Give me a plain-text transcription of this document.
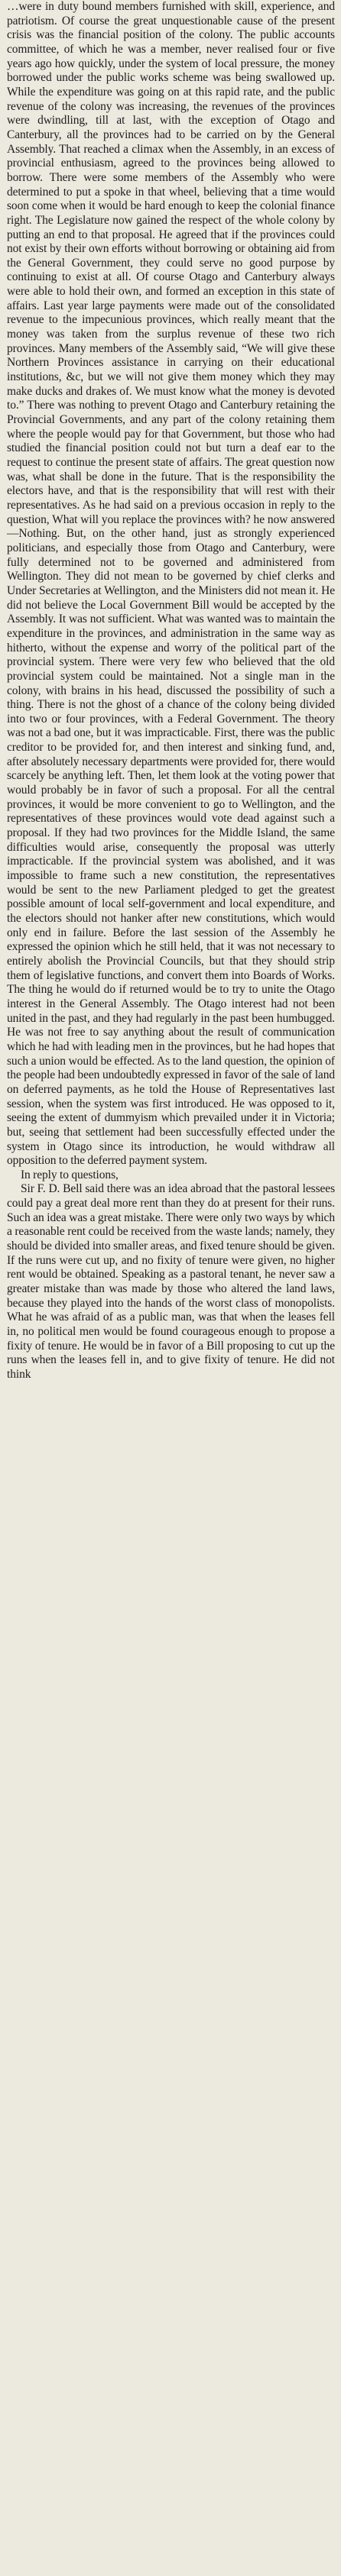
…were in duty bound members furnished with skill, experience, and patriotism. Of course the great unquestionable cause of the present crisis was the financial position of the colony. The public accounts committee, of which he was a member, never realised four or five years ago how quickly, under the system of local pressure, the money borrowed under the public works scheme was being swallowed up. While the expenditure was going on at this rapid rate, and the public revenue of the colony was increasing, the revenues of the provinces were dwindling, till at last, with the exception of Otago and Canterbury, all the provinces had to be carried on by the General Assembly. That reached a climax when the Assembly, in an excess of provincial enthusiasm, agreed to the provinces being allowed to borrow. There were some members of the Assembly who were determined to put a spoke in that wheel, believing that a time would soon come when it would be hard enough to keep the colonial finance right. The Legislature now gained the respect of the whole colony by putting an end to that proposal. He agreed that if the provinces could not exist by their own efforts without borrowing or obtaining aid from the General Government, they could serve no good purpose by continuing to exist at all. Of course Otago and Canterbury always were able to hold their own, and formed an exception in this state of affairs. Last year large payments were made out of the consolidated revenue to the impecunious provinces, which really meant that the money was taken from the surplus revenue of these two rich provinces. Many members of the Assembly said, “We will give these Northern Provinces assistance in carrying on their educational institutions, &c, but we will not give them money which they may make ducks and drakes of. We must know what the money is devoted to.” There was nothing to prevent Otago and Canterbury retaining the Provincial Governments, and any part of the colony retaining them where the people would pay for that Government, but those who had studied the financial position could not but turn a deaf ear to the request to continue the present state of affairs. The great question now was, what shall be done in the future. That is the responsibility the electors have, and that is the responsibility that will rest with their representatives. As he had said on a previous occasion in reply to the question, What will you replace the provinces with? he now answered—Nothing. But, on the other hand, just as strongly experienced politicians, and especially those from Otago and Canterbury, were fully determined not to be governed and administered from Wellington. They did not mean to be governed by chief clerks and Under Secretaries at Wellington, and the Ministers did not mean it. He did not believe the Local Government Bill would be accepted by the Assembly. It was not sufficient. What was wanted was to maintain the expenditure in the provinces, and administration in the same way as hitherto, without the expense and worry of the political part of the provincial system. There were very few who believed that the old provincial system could be maintained. Not a single man in the colony, with brains in his head, discussed the possibility of such a thing. There is not the ghost of a chance of the colony being divided into two or four provinces, with a Federal Government. The theory was not a bad one, but it was impracticable. First, there was the public creditor to be provided for, and then interest and sinking fund, and, after absolutely necessary departments were provided for, there would scarcely be anything left. Then, let them look at the voting power that would probably be in favor of such a proposal. For all the central provinces, it would be more convenient to go to Wellington, and the representatives of these provinces would vote dead against such a proposal. If they had two provinces for the Middle Island, the same difficulties would arise, consequently the proposal was utterly impracticable. If the provincial system was abolished, and it was impossible to frame such a new constitution, the representatives would be sent to the new Parliament pledged to get the greatest possible amount of local self-government and local expenditure, and the electors should not hanker after new constitutions, which would only end in failure. Before the last session of the Assembly he expressed the opinion which he still held, that it was not necessary to entirely abolish the Provincial Councils, but that they should strip them of legislative functions, and convert them into Boards of Works. The thing he would do if returned would be to try to unite the Otago interest in the General Assembly. The Otago interest had not been united in the past, and they had regularly in the past been humbugged. He was not free to say anything about the result of communication which he had with leading men in the provinces, but he had hopes that such a union would be effected. As to the land question, the opinion of the people had been undoubtedly expressed in favor of the sale of land on deferred payments, as he told the House of Representatives last session, when the system was first introduced. He was opposed to it, seeing the extent of dummyism which prevailed under it in Victoria; but, seeing that settlement had been successfully effected under the system in Otago since its introduction, he would withdraw all opposition to the deferred payment system.

In reply to questions,

Sir F. D. Bell said there was an idea abroad that the pastoral lessees could pay a great deal more rent than they do at present for their runs. Such an idea was a great mistake. There were only two ways by which a reasonable rent could be received from the waste lands; namely, they should be divided into smaller areas, and fixed tenure should be given. If the runs were cut up, and no fixity of tenure were given, no higher rent would be obtained. Speaking as a pastoral tenant, he never saw a greater mistake than was made by those who altered the land laws, because they played into the hands of the worst class of monopolists. What he was afraid of as a public man, was that when the leases fell in, no political men would be found courageous enough to propose a fixity of tenure. He would be in favor of a Bill proposing to cut up the runs when the leases fell in, and to give fixity of tenure. He did not think
